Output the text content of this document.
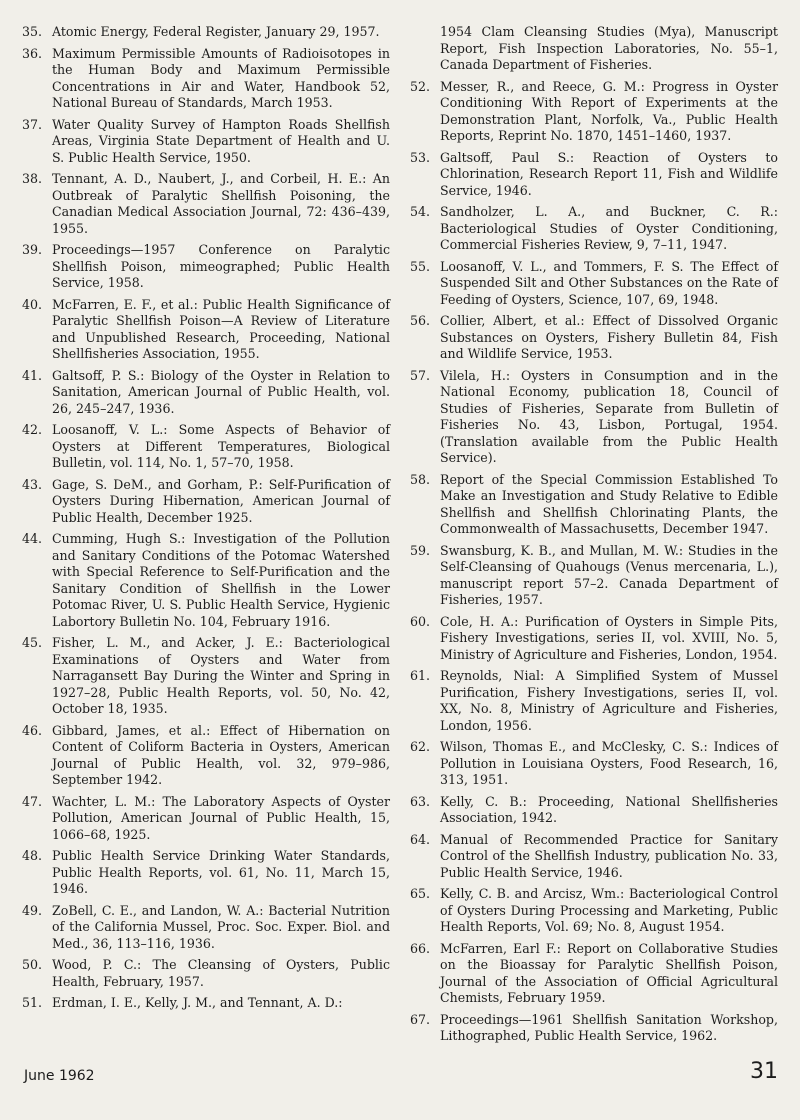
35. Atomic Energy, Federal Register, January 29, 1957.
36. Maximum Permissible Amounts of Radioisotopes in the Human Body and Maximum Permissible Concentrations in Air and Water, Handbook 52, National Bureau of Standards, March 1953.
37. Water Quality Survey of Hampton Roads Shellfish Areas, Virginia State Department of Health and U. S. Public Health Service, 1950.
38. Tennant, A. D., Naubert, J., and Corbeil, H. E.: An Outbreak of Paralytic Shellfish Poisoning, the Canadian Medical Association Journal, 72: 436–439, 1955.
39. Proceedings—1957 Conference on Paralytic Shellfish Poison, mimeographed; Public Health Service, 1958.
40. McFarren, E. F., et al.: Public Health Significance of Paralytic Shellfish Poison—A Review of Literature and Unpublished Research, Proceeding, National Shellfisheries Association, 1955.
41. Galtsoff, P. S.: Biology of the Oyster in Relation to Sanitation, American Journal of Public Health, vol. 26, 245–247, 1936.
42. Loosanoff, V. L.: Some Aspects of Behavior of Oysters at Different Temperatures, Biological Bulletin, vol. 114, No. 1, 57–70, 1958.
43. Gage, S. DeM., and Gorham, P.: Self-Purification of Oysters During Hibernation, American Journal of Public Health, December 1925.
44. Cumming, Hugh S.: Investigation of the Pollution and Sanitary Conditions of the Potomac Watershed with Special Reference to Self-Purification and the Sanitary Condition of Shellfish in the Lower Potomac River, U. S. Public Health Service, Hygienic Labortory Bulletin No. 104, February 1916.
45. Fisher, L. M., and Acker, J. E.: Bacteriological Examinations of Oysters and Water from Narragansett Bay During the Winter and Spring in 1927–28, Public Health Reports, vol. 50, No. 42, October 18, 1935.
46. Gibbard, James, et al.: Effect of Hibernation on Content of Coliform Bacteria in Oysters, American Journal of Public Health, vol. 32, 979–986, September 1942.
47. Wachter, L. M.: The Laboratory Aspects of Oyster Pollution, American Journal of Public Health, 15, 1066–68, 1925.
48. Public Health Service Drinking Water Standards, Public Health Reports, vol. 61, No. 11, March 15, 1946.
49. ZoBell, C. E., and Landon, W. A.: Bacterial Nutrition of the California Mussel, Proc. Soc. Exper. Biol. and Med., 36, 113–116, 1936.
50. Wood, P. C.: The Cleansing of Oysters, Public Health, February, 1957.
51. Erdman, I. E., Kelly, J. M., and Tennant, A. D.:
1954 Clam Cleansing Studies (Mya), Manuscript Report, Fish Inspection Laboratories, No. 55–1, Canada Department of Fisheries.
52. Messer, R., and Reece, G. M.: Progress in Oyster Conditioning With Report of Experiments at the Demonstration Plant, Norfolk, Va., Public Health Reports, Reprint No. 1870, 1451–1460, 1937.
53. Galtsoff, Paul S.: Reaction of Oysters to Chlorination, Research Report 11, Fish and Wildlife Service, 1946.
54. Sandholzer, L. A., and Buckner, C. R.: Bacteriological Studies of Oyster Conditioning, Commercial Fisheries Review, 9, 7–11, 1947.
55. Loosanoff, V. L., and Tommers, F. S. The Effect of Suspended Silt and Other Substances on the Rate of Feeding of Oysters, Science, 107, 69, 1948.
56. Collier, Albert, et al.: Effect of Dissolved Organic Substances on Oysters, Fishery Bulletin 84, Fish and Wildlife Service, 1953.
57. Vilela, H.: Oysters in Consumption and in the National Economy, publication 18, Council of Studies of Fisheries, Separate from Bulletin of Fisheries No. 43, Lisbon, Portugal, 1954. (Translation available from the Public Health Service).
58. Report of the Special Commission Established To Make an Investigation and Study Relative to Edible Shellfish and Shellfish Chlorinating Plants, the Commonwealth of Massachusetts, December 1947.
59. Swansburg, K. B., and Mullan, M. W.: Studies in the Self-Cleansing of Quahougs (Venus mercenaria, L.), manuscript report 57–2. Canada Department of Fisheries, 1957.
60. Cole, H. A.: Purification of Oysters in Simple Pits, Fishery Investigations, series II, vol. XVIII, No. 5, Ministry of Agriculture and Fisheries, London, 1954.
61. Reynolds, Nial: A Simplified System of Mussel Purification, Fishery Investigations, series II, vol. XX, No. 8, Ministry of Agriculture and Fisheries, London, 1956.
62. Wilson, Thomas E., and McClesky, C. S.: Indices of Pollution in Louisiana Oysters, Food Research, 16, 313, 1951.
63. Kelly, C. B.: Proceeding, National Shellfisheries Association, 1942.
64. Manual of Recommended Practice for Sanitary Control of the Shellfish Industry, publication No. 33, Public Health Service, 1946.
65. Kelly, C. B. and Arcisz, Wm.: Bacteriological Control of Oysters During Processing and Marketing, Public Health Reports, Vol. 69; No. 8, August 1954.
66. McFarren, Earl F.: Report on Collaborative Studies on the Bioassay for Paralytic Shellfish Poison, Journal of the Association of Official Agricultural Chemists, February 1959.
67. Proceedings—1961 Shellfish Sanitation Workshop, Lithographed, Public Health Service, 1962.
June 1962	31
